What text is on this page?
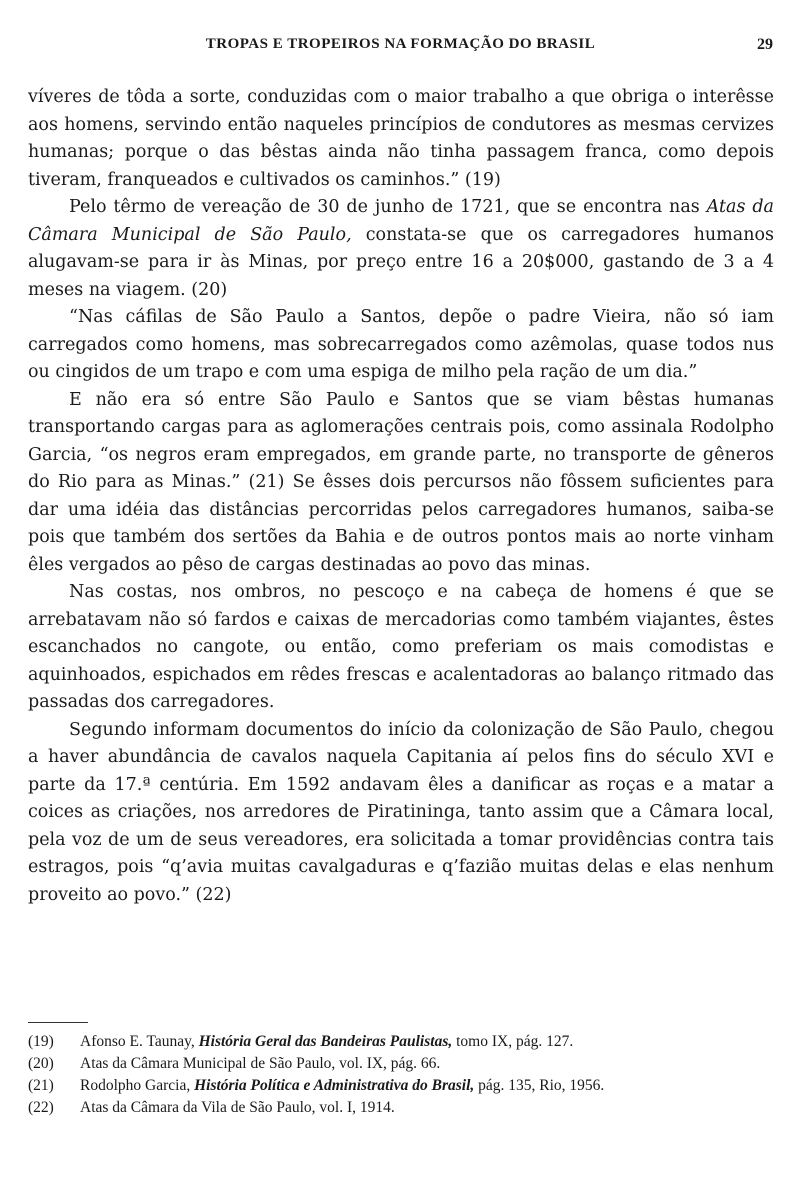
TROPAS E TROPEIROS NA FORMAÇÃO DO BRASIL	29

víveres de tôda a sorte, conduzidas com o maior trabalho a que obriga o interêsse aos homens, servindo então naqueles princípios de condutores as mesmas cervizes humanas; porque o das bêstas ainda não tinha passagem franca, como depois tiveram, franqueados e cultivados os caminhos.” (19)

Pelo têrmo de vereação de 30 de junho de 1721, que se encontra nas Atas da Câmara Municipal de São Paulo, constata-se que os carregadores humanos alugavam-se para ir às Minas, por preço entre 16 a 20$000, gastando de 3 a 4 meses na viagem. (20)

“Nas cáfilas de São Paulo a Santos, depõe o padre Vieira, não só iam carregados como homens, mas sobrecarregados como azêmolas, quase todos nus ou cingidos de um trapo e com uma espiga de milho pela ração de um dia.”

E não era só entre São Paulo e Santos que se viam bêstas humanas transportando cargas para as aglomerações centrais pois, como assinala Rodolpho Garcia, “os negros eram empregados, em grande parte, no transporte de gêneros do Rio para as Minas.” (21) Se êsses dois percursos não fôssem suficientes para dar uma idéia das distâncias percorridas pelos carregadores humanos, saiba-se pois que também dos sertões da Bahia e de outros pontos mais ao norte vinham êles vergados ao pêso de cargas destinadas ao povo das minas.

Nas costas, nos ombros, no pescoço e na cabeça de homens é que se arrebatavam não só fardos e caixas de mercadorias como também viajantes, êstes escanchados no cangote, ou então, como preferiam os mais comodistas e aquinhoados, espichados em rêdes frescas e acalentadoras ao balanço ritmado das passadas dos carregadores.

Segundo informam documentos do início da colonização de São Paulo, chegou a haver abundância de cavalos naquela Capitania aí pelos fins do século XVI e parte da 17.ª centúria. Em 1592 andavam êles a danificar as roças e a matar a coices as criações, nos arredores de Piratininga, tanto assim que a Câmara local, pela voz de um de seus vereadores, era solicitada a tomar providências contra tais estragos, pois “q’avia muitas cavalgaduras e q’fazião muitas delas e elas nenhum proveito ao povo.” (22)

(19)	Afonso E. Taunay, História Geral das Bandeiras Paulistas, tomo IX, pág. 127.
(20)	Atas da Câmara Municipal de São Paulo, vol. IX, pág. 66.
(21)	Rodolpho Garcia, História Política e Administrativa do Brasil, pág. 135, Rio, 1956.
(22)	Atas da Câmara da Vila de São Paulo, vol. I, 1914.
